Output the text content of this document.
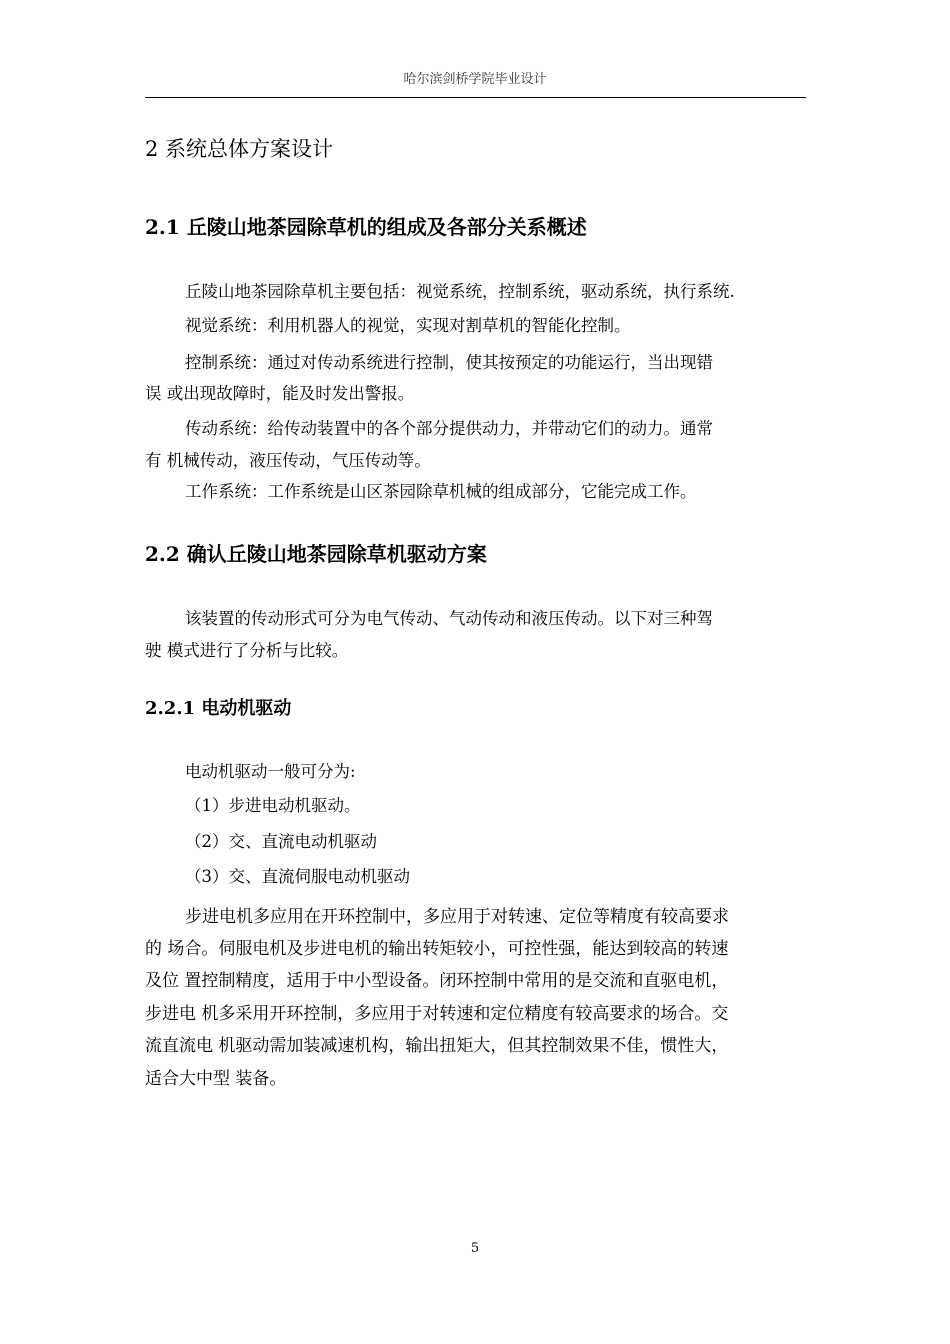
哈尔滨剑桥学院毕业设计
2 系统总体方案设计
2.1 丘陵山地茶园除草机的组成及各部分关系概述
丘陵山地茶园除草机主要包括：视觉系统，控制系统，驱动系统，执行系统.
视觉系统：利用机器人的视觉，实现对割草机的智能化控制。
控制系统：通过对传动系统进行控制，使其按预定的功能运行，当出现错
误 或出现故障时，能及时发出警报。
传动系统：给传动装置中的各个部分提供动力，并带动它们的动力。通常
有 机械传动，液压传动，气压传动等。
工作系统：工作系统是山区茶园除草机械的组成部分，它能完成工作。
2.2 确认丘陵山地茶园除草机驱动方案
该装置的传动形式可分为电气传动、气动传动和液压传动。以下对三种驾
驶 模式进行了分析与比较。
2.2.1 电动机驱动
电动机驱动一般可分为:
（1）步进电动机驱动。
（2）交、直流电动机驱动
（3）交、直流伺服电动机驱动
步进电机多应用在开环控制中，多应用于对转速、定位等精度有较高要求
的 场合。伺服电机及步进电机的输出转矩较小，可控性强，能达到较高的转速
及位 置控制精度，适用于中小型设备。闭环控制中常用的是交流和直驱电机，
步进电 机多采用开环控制，多应用于对转速和定位精度有较高要求的场合。交
流直流电 机驱动需加装减速机构，输出扭矩大，但其控制效果不佳，惯性大，
适合大中型 装备。
5
